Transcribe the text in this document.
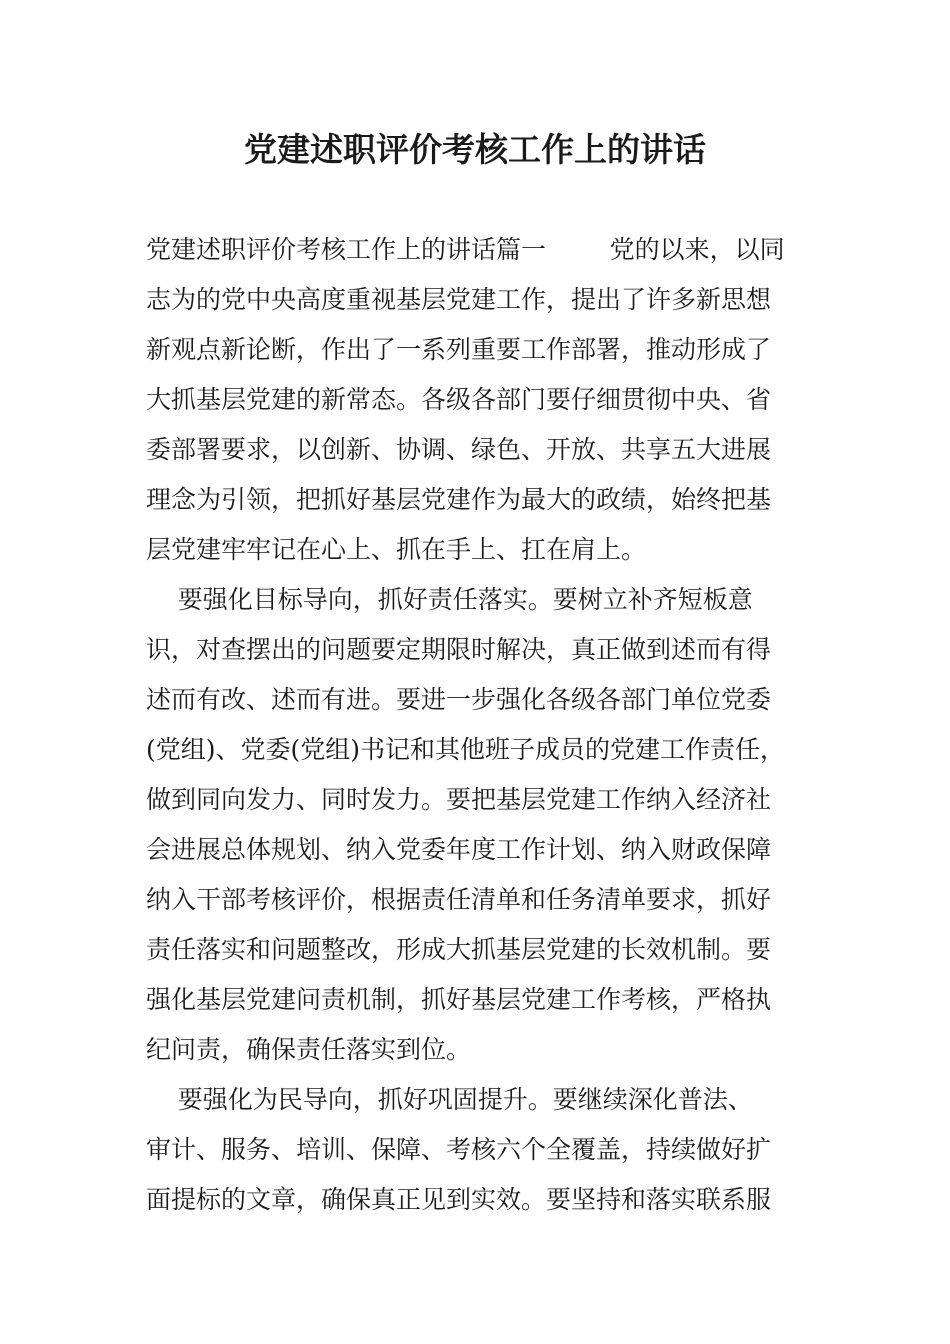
党建述职评价考核工作上的讲话
党建述职评价考核工作上的讲话篇一        党的以来，以同
志为的党中央高度重视基层党建工作，提出了许多新思想
新观点新论断，作出了一系列重要工作部署，推动形成了
大抓基层党建的新常态。各级各部门要仔细贯彻中央、省
委部署要求，以创新、协调、绿色、开放、共享五大进展
理念为引领，把抓好基层党建作为最大的政绩，始终把基
层党建牢牢记在心上、抓在手上、扛在肩上。
要强化目标导向，抓好责任落实。要树立补齐短板意
识，对查摆出的问题要定期限时解决，真正做到述而有得
述而有改、述而有进。要进一步强化各级各部门单位党委
(党组)、党委(党组)书记和其他班子成员的党建工作责任，
做到同向发力、同时发力。要把基层党建工作纳入经济社
会进展总体规划、纳入党委年度工作计划、纳入财政保障
纳入干部考核评价，根据责任清单和任务清单要求，抓好
责任落实和问题整改，形成大抓基层党建的长效机制。要
强化基层党建问责机制，抓好基层党建工作考核，严格执
纪问责，确保责任落实到位。
要强化为民导向，抓好巩固提升。要继续深化普法、
审计、服务、培训、保障、考核六个全覆盖，持续做好扩
面提标的文章，确保真正见到实效。要坚持和落实联系服
